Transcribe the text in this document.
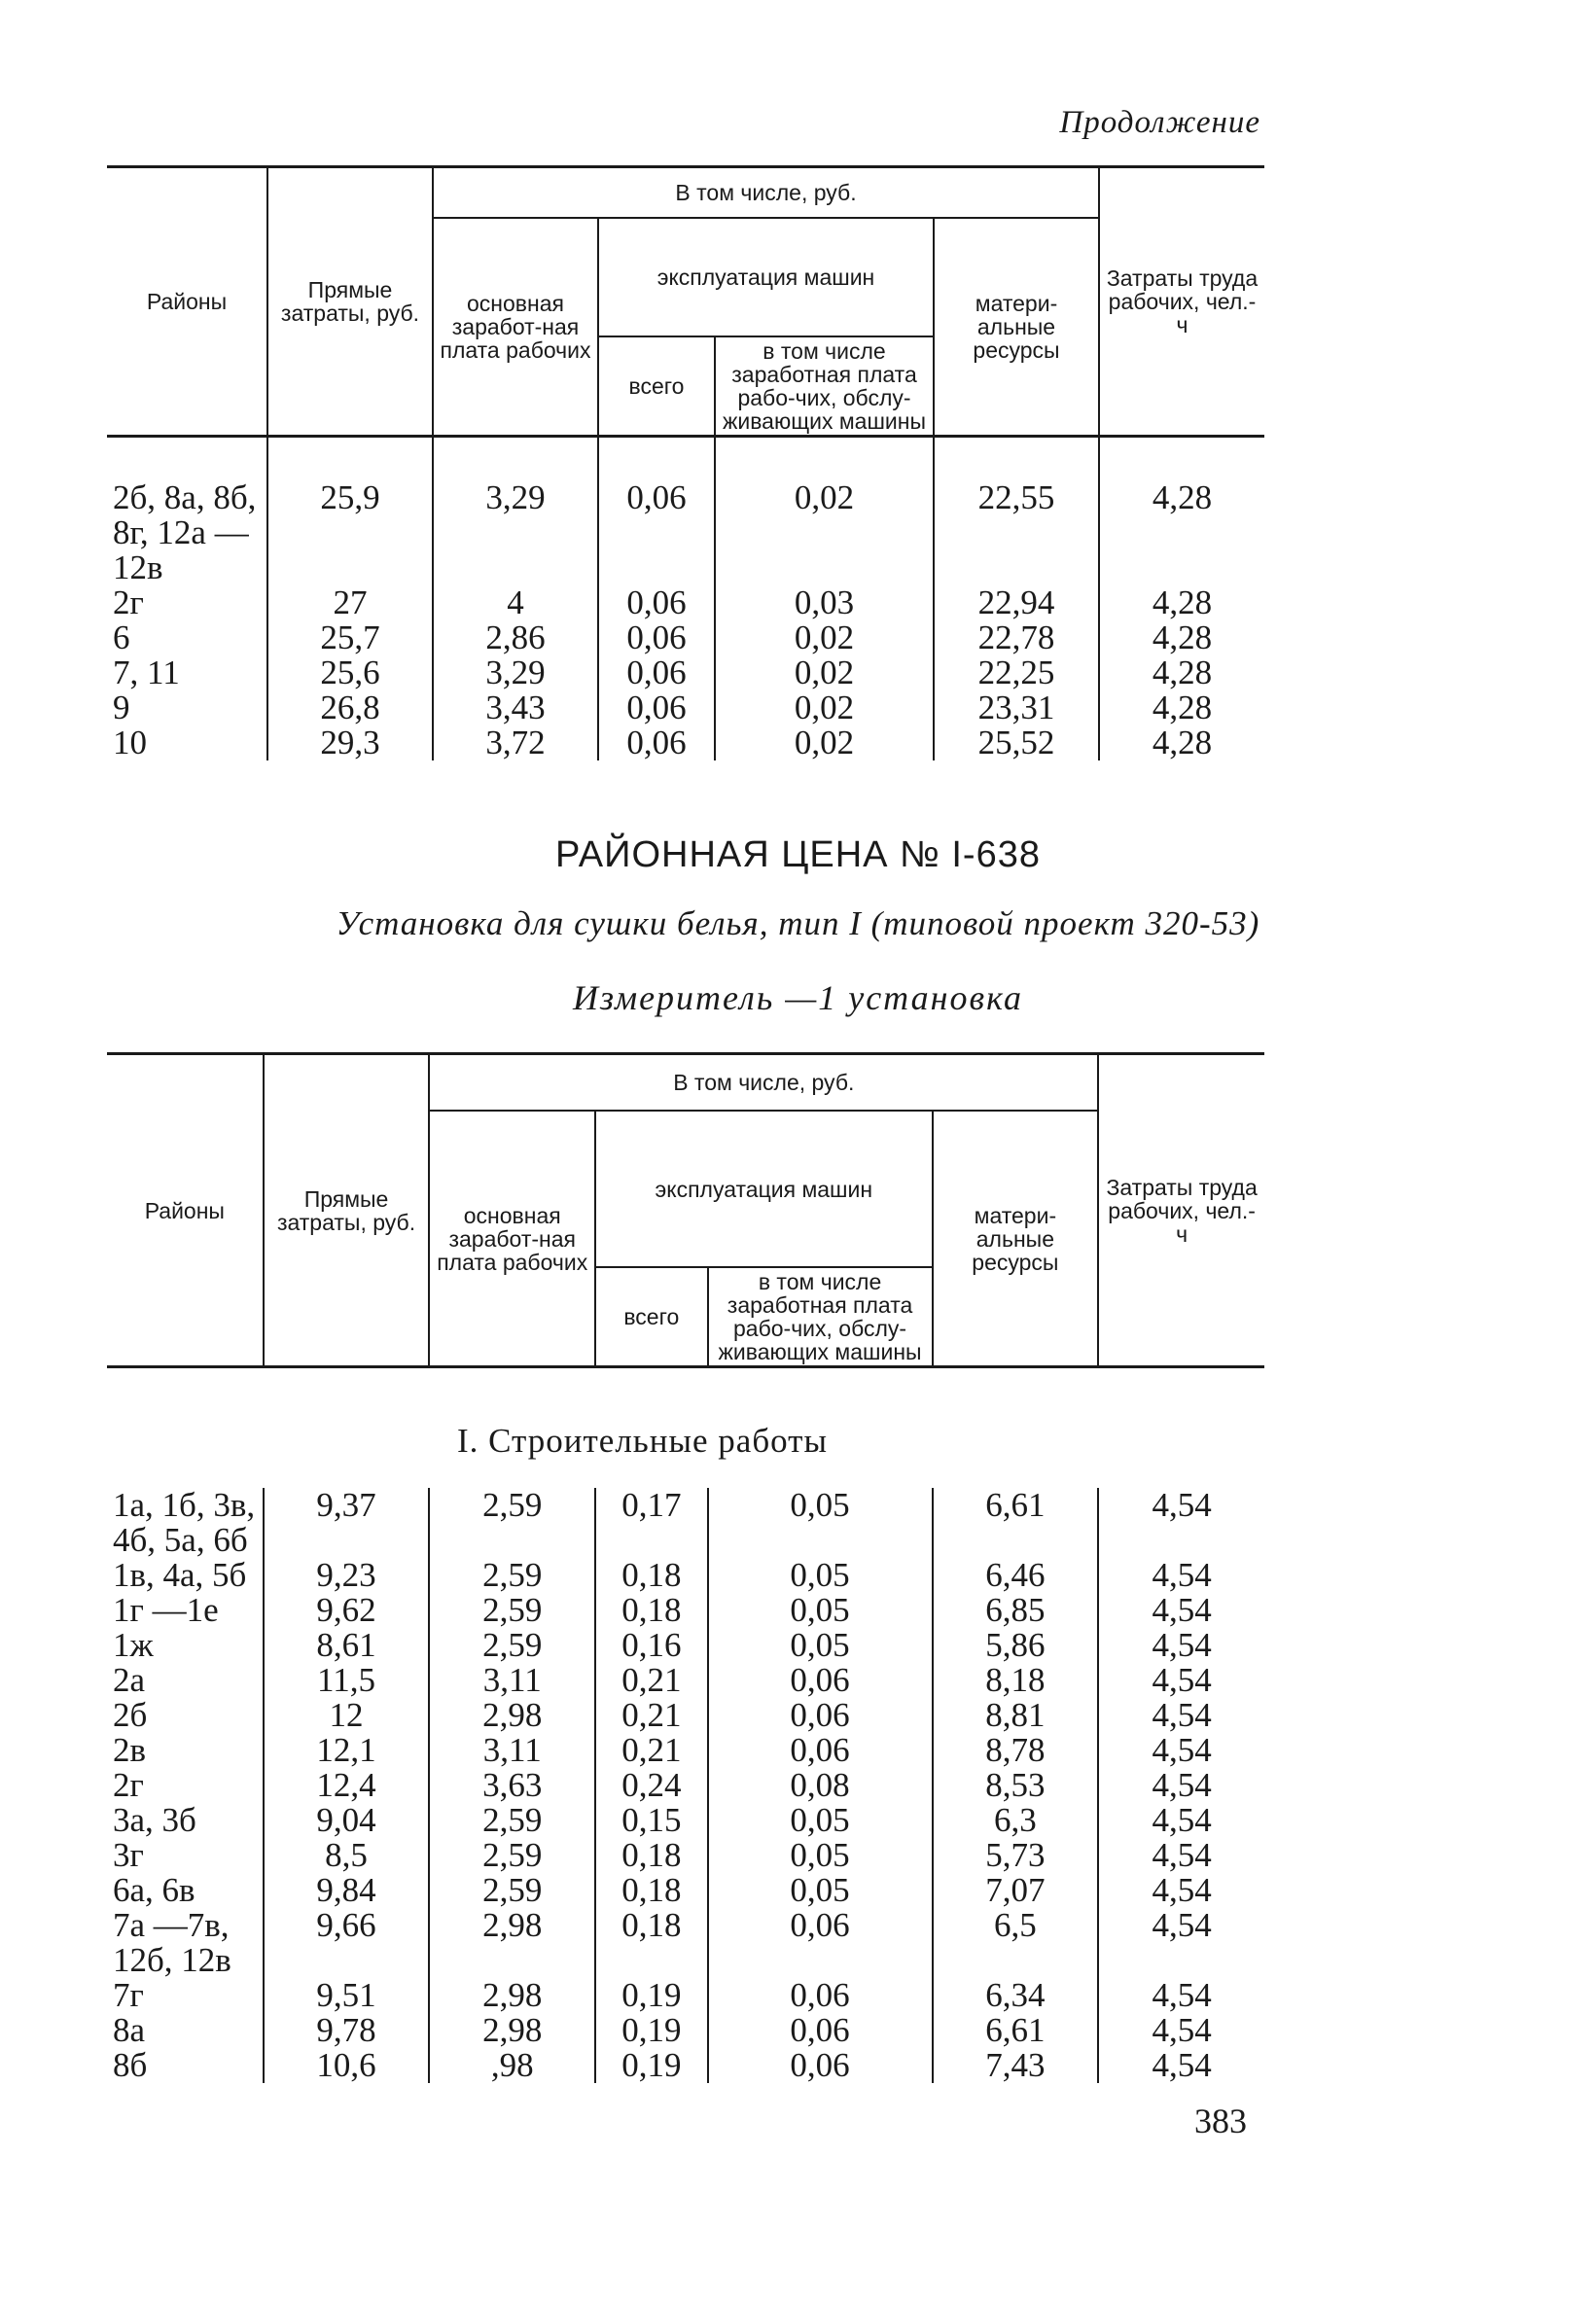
Продолжение
Районы	Прямые затраты, руб.	В том числе, руб.				Затраты труда рабочих, чел.-ч
		основная заработ-ная плата рабочих	эксплуатация машин		матери-альные ресурсы	
			всего	в том числе заработная плата рабо-чих, обслу-живающих машины		

2б, 8а, 8б, 8г, 12а —12в	25,9	3,29	0,06	0,02	22,55	4,28
2г	27	4	0,06	0,03	22,94	4,28
6	25,7	2,86	0,06	0,02	22,78	4,28
7, 11	25,6	3,29	0,06	0,02	22,25	4,28
9	26,8	3,43	0,06	0,02	23,31	4,28
10	29,3	3,72	0,06	0,02	25,52	4,28
РАЙОННАЯ ЦЕНА № I-638
Установка для сушки белья, тип I (типовой проект 320-53)
Измеритель —1 установка
Районы	Прямые затраты, руб.	В том числе, руб.				Затраты труда рабочих, чел.-ч
		основная заработ-ная плата рабочих	эксплуатация машин		матери-альные ресурсы	
			всего	в том числе заработная плата рабо-чих, обслу-живающих машины		
I. Строительные работы
1а, 1б, 3в, 4б, 5а, 6б	9,37	2,59	0,17	0,05	6,61	4,54
1в, 4а, 5б	9,23	2,59	0,18	0,05	6,46	4,54
1г —1е	9,62	2,59	0,18	0,05	6,85	4,54
1ж	8,61	2,59	0,16	0,05	5,86	4,54
2а	11,5	3,11	0,21	0,06	8,18	4,54
2б	12	2,98	0,21	0,06	8,81	4,54
2в	12,1	3,11	0,21	0,06	8,78	4,54
2г	12,4	3,63	0,24	0,08	8,53	4,54
3а, 3б	9,04	2,59	0,15	0,05	6,3	4,54
3г	8,5	2,59	0,18	0,05	5,73	4,54
6а, 6в	9,84	2,59	0,18	0,05	7,07	4,54
7а —7в, 12б, 12в	9,66	2,98	0,18	0,06	6,5	4,54
7г	9,51	2,98	0,19	0,06	6,34	4,54
8а	9,78	2,98	0,19	0,06	6,61	4,54
8б	10,6	,98	0,19	0,06	7,43	4,54
383
